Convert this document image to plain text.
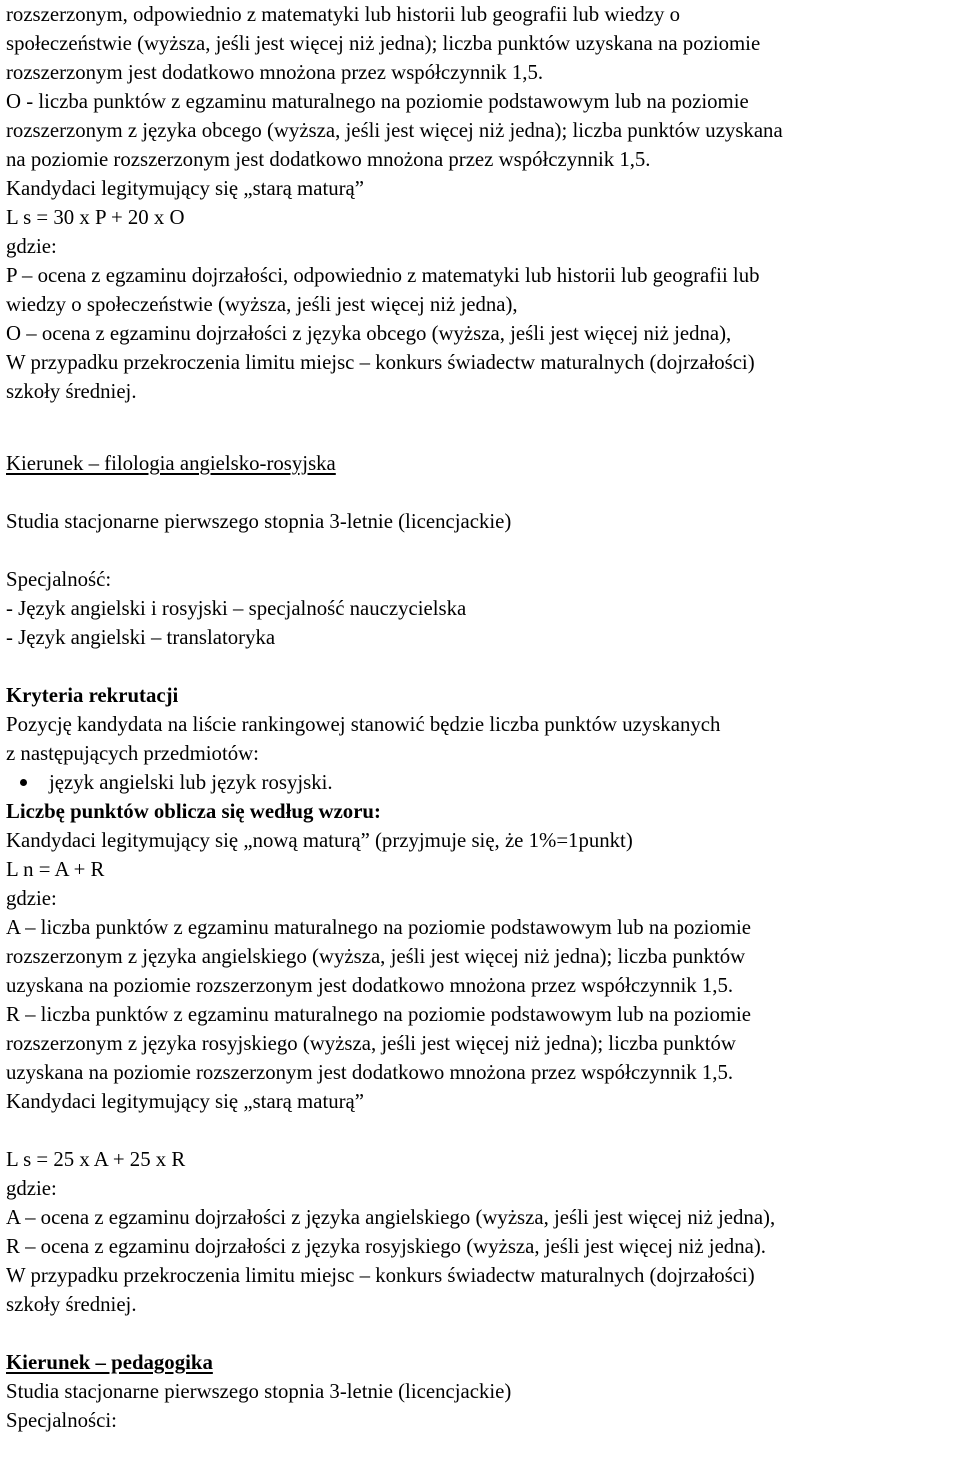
rozszerzonym, odpowiednio z matematyki lub historii lub geografii lub wiedzy o
społeczeństwie (wyższa, jeśli jest więcej niż jedna); liczba punktów uzyskana na poziomie
rozszerzonym jest dodatkowo mnożona przez współczynnik 1,5.
O - liczba punktów z egzaminu maturalnego na poziomie podstawowym lub na poziomie
rozszerzonym z języka obcego (wyższa, jeśli jest więcej niż jedna); liczba punktów uzyskana
na poziomie rozszerzonym jest dodatkowo mnożona przez współczynnik 1,5.
Kandydaci legitymujący się „starą maturą”
L s = 30 x P + 20 x O
gdzie:
P – ocena z egzaminu dojrzałości, odpowiednio z matematyki lub historii lub geografii lub
wiedzy o społeczeństwie (wyższa, jeśli jest więcej niż jedna),
O – ocena z egzaminu dojrzałości z języka obcego (wyższa, jeśli jest więcej niż jedna),
W przypadku przekroczenia limitu miejsc – konkurs świadectw maturalnych (dojrzałości)
szkoły średniej.
Kierunek – filologia angielsko-rosyjska
Studia stacjonarne pierwszego stopnia 3-letnie (licencjackie)
Specjalność:
- Język angielski i rosyjski – specjalność nauczycielska
- Język angielski – translatoryka
Kryteria rekrutacji
Pozycję kandydata na liście rankingowej stanowić będzie liczba punktów uzyskanych
z następujących przedmiotów:
język angielski lub język rosyjski.
Liczbę punktów oblicza się według wzoru:
Kandydaci legitymujący się „nową maturą” (przyjmuje się, że 1%=1punkt)
L n = A + R
gdzie:
A – liczba punktów z egzaminu maturalnego na poziomie podstawowym lub na poziomie
rozszerzonym z języka angielskiego (wyższa, jeśli jest więcej niż jedna); liczba punktów
uzyskana na poziomie rozszerzonym jest dodatkowo mnożona przez współczynnik 1,5.
R – liczba punktów z egzaminu maturalnego na poziomie podstawowym lub na poziomie
rozszerzonym z języka rosyjskiego (wyższa, jeśli jest więcej niż jedna); liczba punktów
uzyskana na poziomie rozszerzonym jest dodatkowo mnożona przez współczynnik 1,5.
Kandydaci legitymujący się „starą maturą”
L s = 25 x A + 25 x R
gdzie:
A – ocena z egzaminu dojrzałości z języka angielskiego (wyższa, jeśli jest więcej niż jedna),
R – ocena z egzaminu dojrzałości z języka rosyjskiego (wyższa, jeśli jest więcej niż jedna).
W przypadku przekroczenia limitu miejsc – konkurs świadectw maturalnych (dojrzałości)
szkoły średniej.
Kierunek – pedagogika
Studia stacjonarne pierwszego stopnia 3-letnie (licencjackie)
Specjalności:
